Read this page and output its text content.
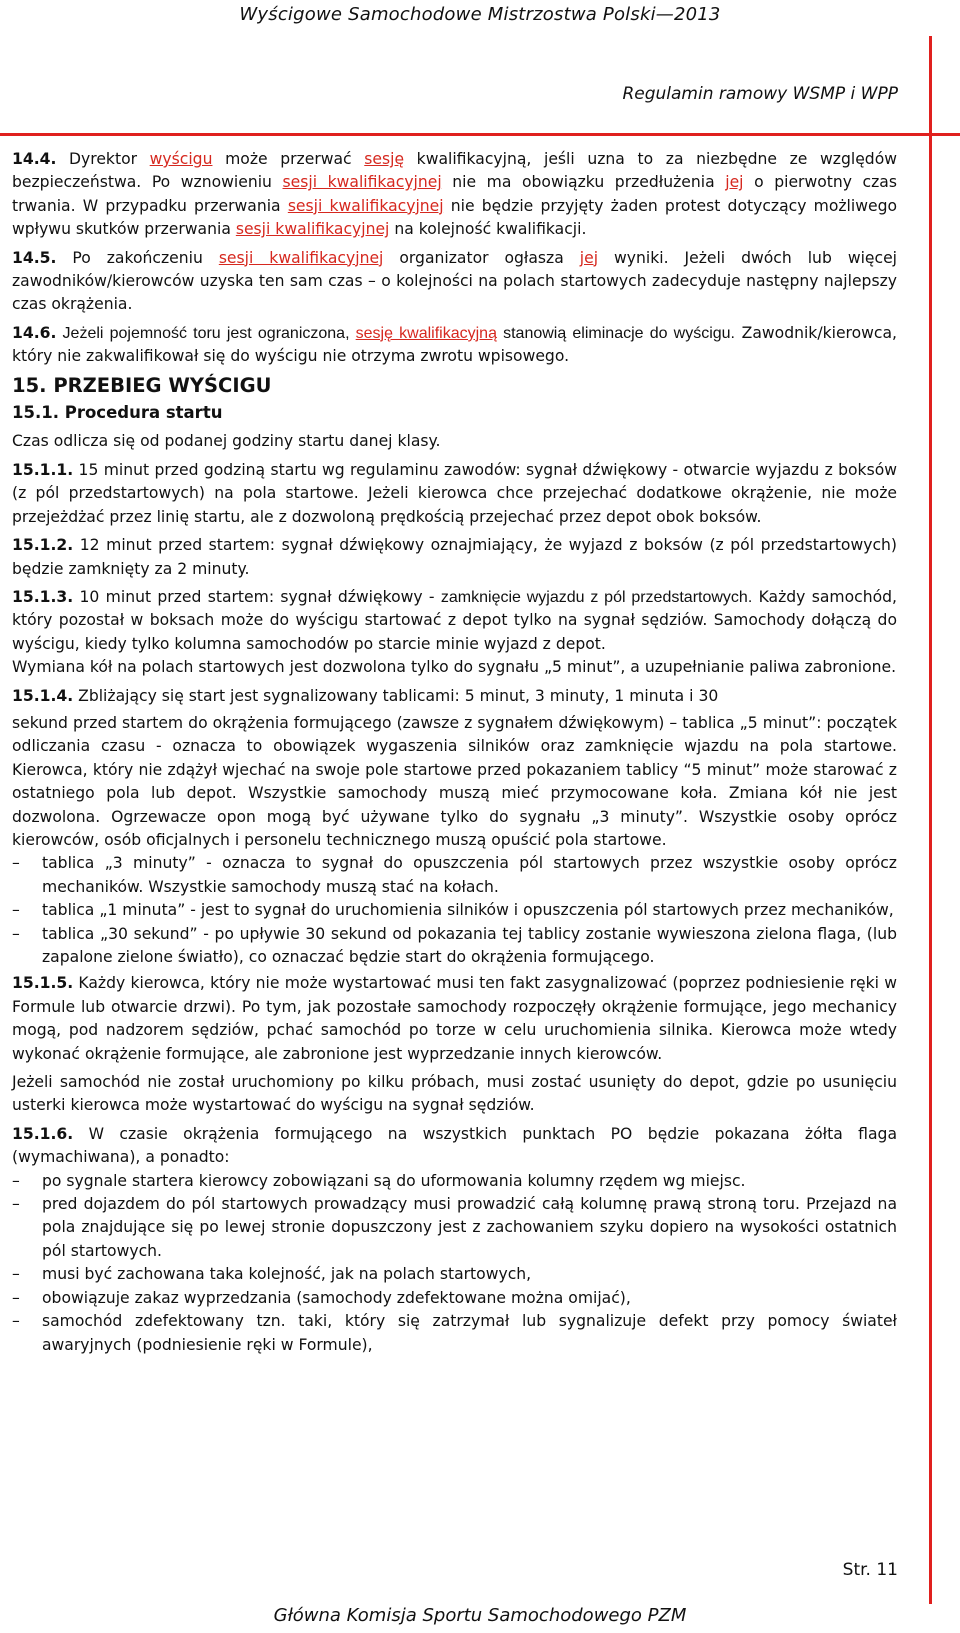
Wyścigowe Samochodowe Mistrzostwa Polski—2013
Regulamin ramowy WSMP i WPP

14.4. Dyrektor wyścigu może przerwać sesję kwalifikacyjną, jeśli uzna to za niezbędne ze względów bezpieczeństwa. Po wznowieniu sesji kwalifikacyjnej nie ma obowiązku przedłużenia jej o pierwotny czas trwania. W przypadku przerwania sesji kwalifikacyjnej nie będzie przyjęty żaden protest dotyczący możliwego wpływu skutków przerwania sesji kwalifikacyjnej na kolejność kwalifikacji.

14.5. Po zakończeniu sesji kwalifikacyjnej organizator ogłasza jej wyniki. Jeżeli dwóch lub więcej zawodników/kierowców uzyska ten sam czas – o kolejności na polach startowych zadecyduje następny najlepszy czas okrążenia.

14.6. Jeżeli pojemność toru jest ograniczona, sesję kwalifikacyjną stanowią eliminacje do wyścigu. Zawodnik/kierowca, który nie zakwalifikował się do wyścigu nie otrzyma zwrotu wpisowego.

15. PRZEBIEG WYŚCIGU
15.1. Procedura startu

Czas odlicza się od podanej godziny startu danej klasy.

15.1.1. 15 minut przed godziną startu wg regulaminu zawodów: sygnał dźwiękowy - otwarcie wyjazdu z boksów (z pól przedstartowych) na pola startowe. Jeżeli kierowca chce przejechać dodatkowe okrążenie, nie może przejeżdżać przez linię startu, ale z dozwoloną prędkością przejechać przez depot obok boksów.

15.1.2. 12 minut przed startem: sygnał dźwiękowy oznajmiający, że wyjazd z boksów (z pól przedstartowych) będzie zamknięty za 2 minuty.

15.1.3. 10 minut przed startem: sygnał dźwiękowy - zamknięcie wyjazdu z pól przedstartowych. Każdy samochód, który pozostał w boksach może do wyścigu startować z depot tylko na sygnał sędziów. Samochody dołączą do wyścigu, kiedy tylko kolumna samochodów po starcie minie wyjazd z depot.

Wymiana kół na polach startowych jest dozwolona tylko do sygnału „5 minut”, a uzupełnianie paliwa zabronione.

15.1.4. Zbliżający się start jest sygnalizowany tablicami: 5 minut, 3 minuty, 1 minuta i 30

sekund przed startem do okrążenia formującego (zawsze z sygnałem dźwiękowym) – tablica „5 minut”: początek odliczania czasu - oznacza to obowiązek wygaszenia silników oraz zamknięcie wjazdu na pola startowe. Kierowca, który nie zdążył wjechać na swoje pole startowe przed pokazaniem tablicy “5 minut” może starować z ostatniego pola lub depot. Wszystkie samochody muszą mieć przymocowane koła. Zmiana kół nie jest dozwolona. Ogrzewacze opon mogą być używane tylko do sygnału „3 minuty”. Wszystkie osoby oprócz kierowców, osób oficjalnych i personelu technicznego muszą opuścić pola startowe.

– tablica „3 minuty” - oznacza to sygnał do opuszczenia pól startowych przez wszystkie osoby oprócz mechaników. Wszystkie samochody muszą stać na kołach.
– tablica „1 minuta” - jest to sygnał do uruchomienia silników i opuszczenia pól startowych przez mechaników,
– tablica „30 sekund” - po upływie 30 sekund od pokazania tej tablicy zostanie wywieszona zielona flaga, (lub zapalone zielone światło), co oznaczać będzie start do okrążenia formującego.

15.1.5. Każdy kierowca, który nie może wystartować musi ten fakt zasygnalizować (poprzez podniesienie ręki w Formule lub otwarcie drzwi). Po tym, jak pozostałe samochody rozpoczęły okrążenie formujące, jego mechanicy mogą, pod nadzorem sędziów, pchać samochód po torze w celu uruchomienia silnika. Kierowca może wtedy wykonać okrążenie formujące, ale zabronione jest wyprzedzanie innych kierowców.

Jeżeli samochód nie został uruchomiony po kilku próbach, musi zostać usunięty do depot, gdzie po usunięciu usterki kierowca może wystartować do wyścigu na sygnał sędziów.

15.1.6. W czasie okrążenia formującego na wszystkich punktach PO będzie pokazana żółta flaga (wymachiwana), a ponadto:

– po sygnale startera kierowcy zobowiązani są do uformowania kolumny rzędem wg miejsc.
– pred dojazdem do pól startowych prowadzący musi prowadzić całą kolumnę prawą stroną toru. Przejazd na pola znajdujące się po lewej stronie dopuszczony jest z zachowaniem szyku dopiero na wysokości ostatnich pól startowych.
– musi być zachowana taka kolejność, jak na polach startowych,
– obowiązuje zakaz wyprzedzania (samochody zdefektowane można omijać),
– samochód zdefektowany tzn. taki, który się zatrzymał lub sygnalizuje defekt przy pomocy świateł awaryjnych (podniesienie ręki w Formule),
Str. 11
Główna Komisja Sportu Samochodowego PZM
